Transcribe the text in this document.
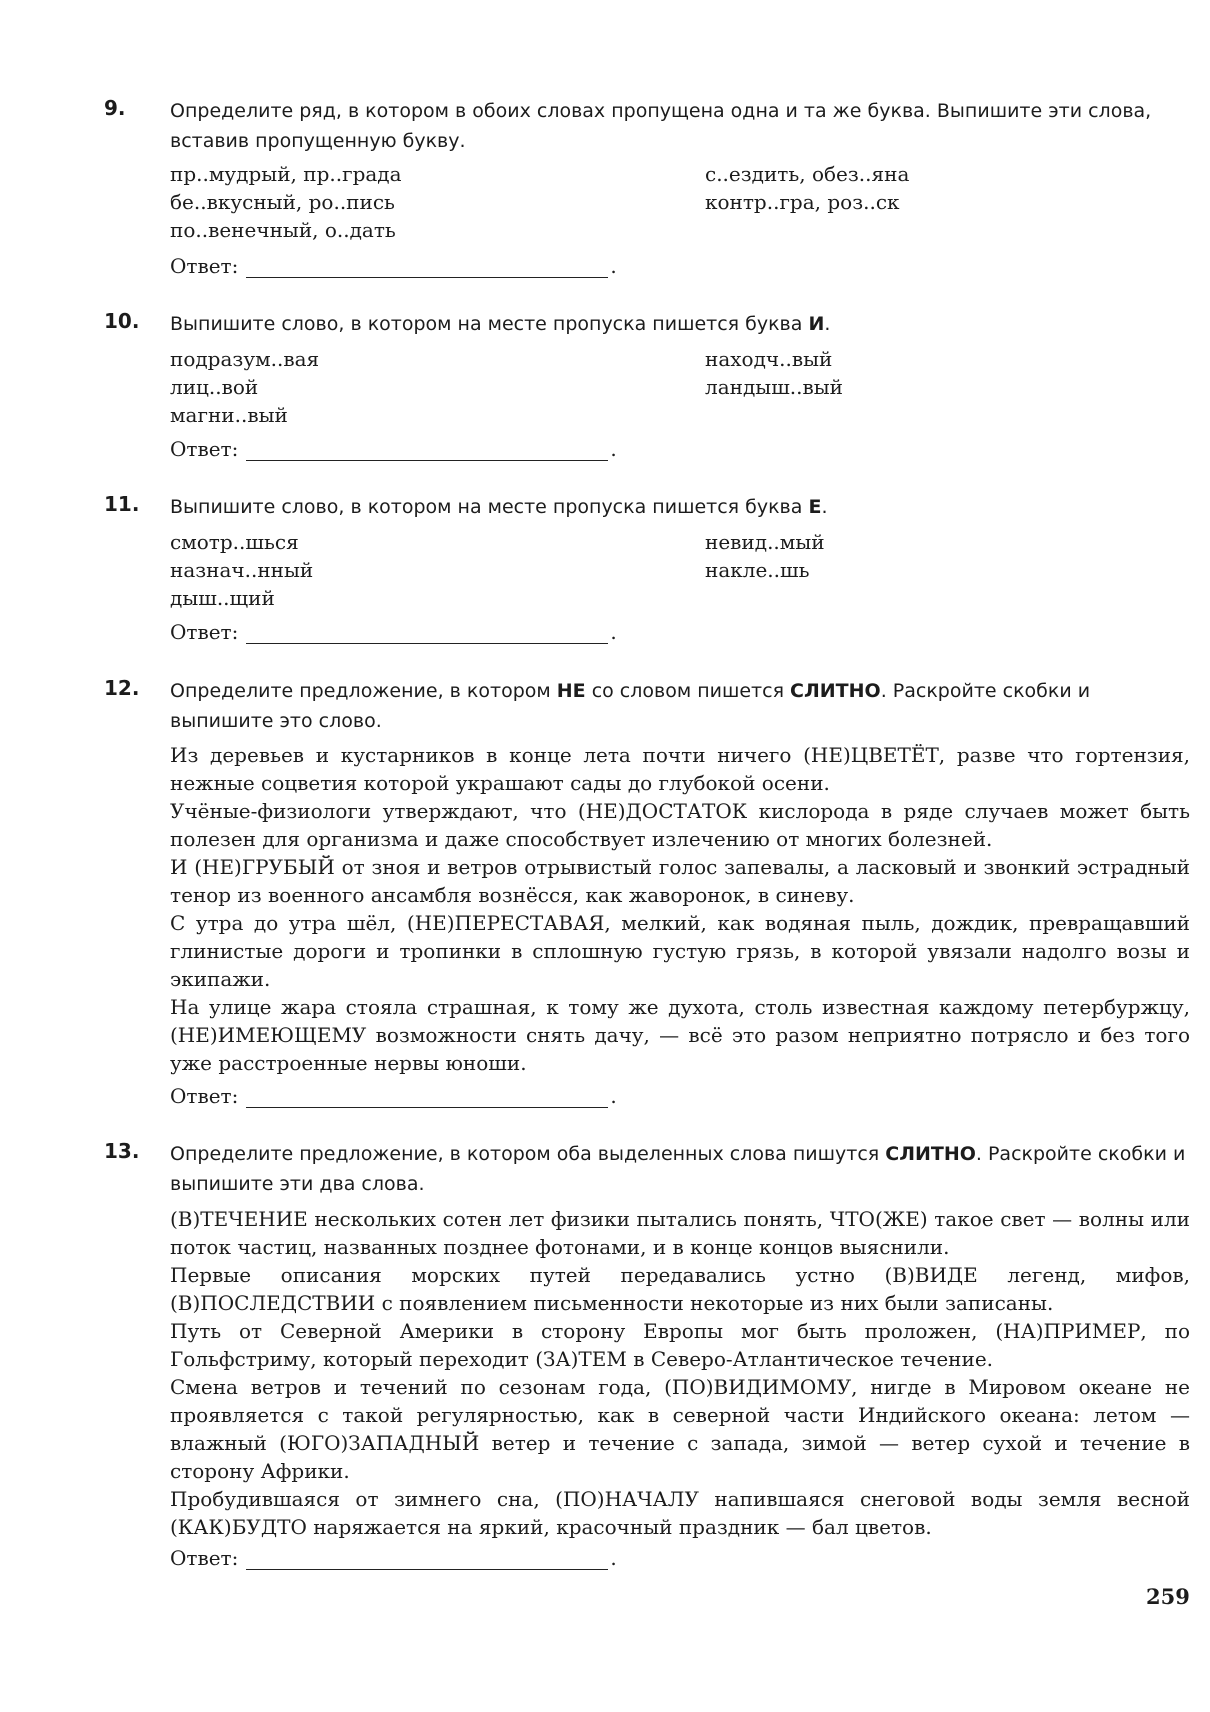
9. Определите ряд, в котором в обоих словах пропущена одна и та же буква. Выпишите эти слова, вставив пропущенную букву.

пр..мудрый, пр..града	с..ездить, обез..яна
бе..вкусный, ро..пись	контр..гра, роз..ск
по..венечный, о..дать
Ответ:	.
10. Выпишите слово, в котором на месте пропуска пишется буква И.

подразум..вая	находч..вый
лиц..вой	ландыш..вый
магни..вый
Ответ:	.
11. Выпишите слово, в котором на месте пропуска пишется буква Е.

смотр..шься	невид..мый
назнач..нный	накле..шь
дыш..щий
Ответ:	.
12. Определите предложение, в котором НЕ со словом пишется СЛИТНО. Раскройте скобки и выпишите это слово.

Из деревьев и кустарников в конце лета почти ничего (НЕ)ЦВЕТЁТ, разве что гортензия, нежные соцветия которой украшают сады до глубокой осени.

Учёные-физиологи утверждают, что (НЕ)ДОСТАТОК кислорода в ряде случаев может быть полезен для организма и даже способствует излечению от многих болезней.

И (НЕ)ГРУБЫЙ от зноя и ветров отрывистый голос запевалы, а ласковый и звонкий эстрадный тенор из военного ансамбля вознёсся, как жаворонок, в синеву.

С утра до утра шёл, (НЕ)ПЕРЕСТАВАЯ, мелкий, как водяная пыль, дождик, превращавший глинистые дороги и тропинки в сплошную густую грязь, в которой увязали надолго возы и экипажи.

На улице жара стояла страшная, к тому же духота, столь известная каждому петербуржцу, (НЕ)ИМЕЮЩЕМУ возможности снять дачу, — всё это разом неприятно потрясло и без того уже расстроенные нервы юноши.

Ответ:	.
13. Определите предложение, в котором оба выделенных слова пишутся СЛИТНО. Раскройте скобки и выпишите эти два слова.

(В)ТЕЧЕНИЕ нескольких сотен лет физики пытались понять, ЧТО(ЖЕ) такое свет — волны или поток частиц, названных позднее фотонами, и в конце концов выяснили.

Первые описания морских путей передавались устно (В)ВИДЕ легенд, мифов, (В)ПОСЛЕДСТВИИ с появлением письменности некоторые из них были записаны.

Путь от Северной Америки в сторону Европы мог быть проложен, (НА)ПРИМЕР, по Гольфстриму, который переходит (ЗА)ТЕМ в Северо-Атлантическое течение.

Смена ветров и течений по сезонам года, (ПО)ВИДИМОМУ, нигде в Мировом океане не проявляется с такой регулярностью, как в северной части Индийского океана: летом — влажный (ЮГО)ЗАПАДНЫЙ ветер и течение с запада, зимой — ветер сухой и течение в сторону Африки.

Пробудившаяся от зимнего сна, (ПО)НАЧАЛУ напившаяся снеговой воды земля весной (КАК)БУДТО наряжается на яркий, красочный праздник — бал цветов.

Ответ:	.
259
